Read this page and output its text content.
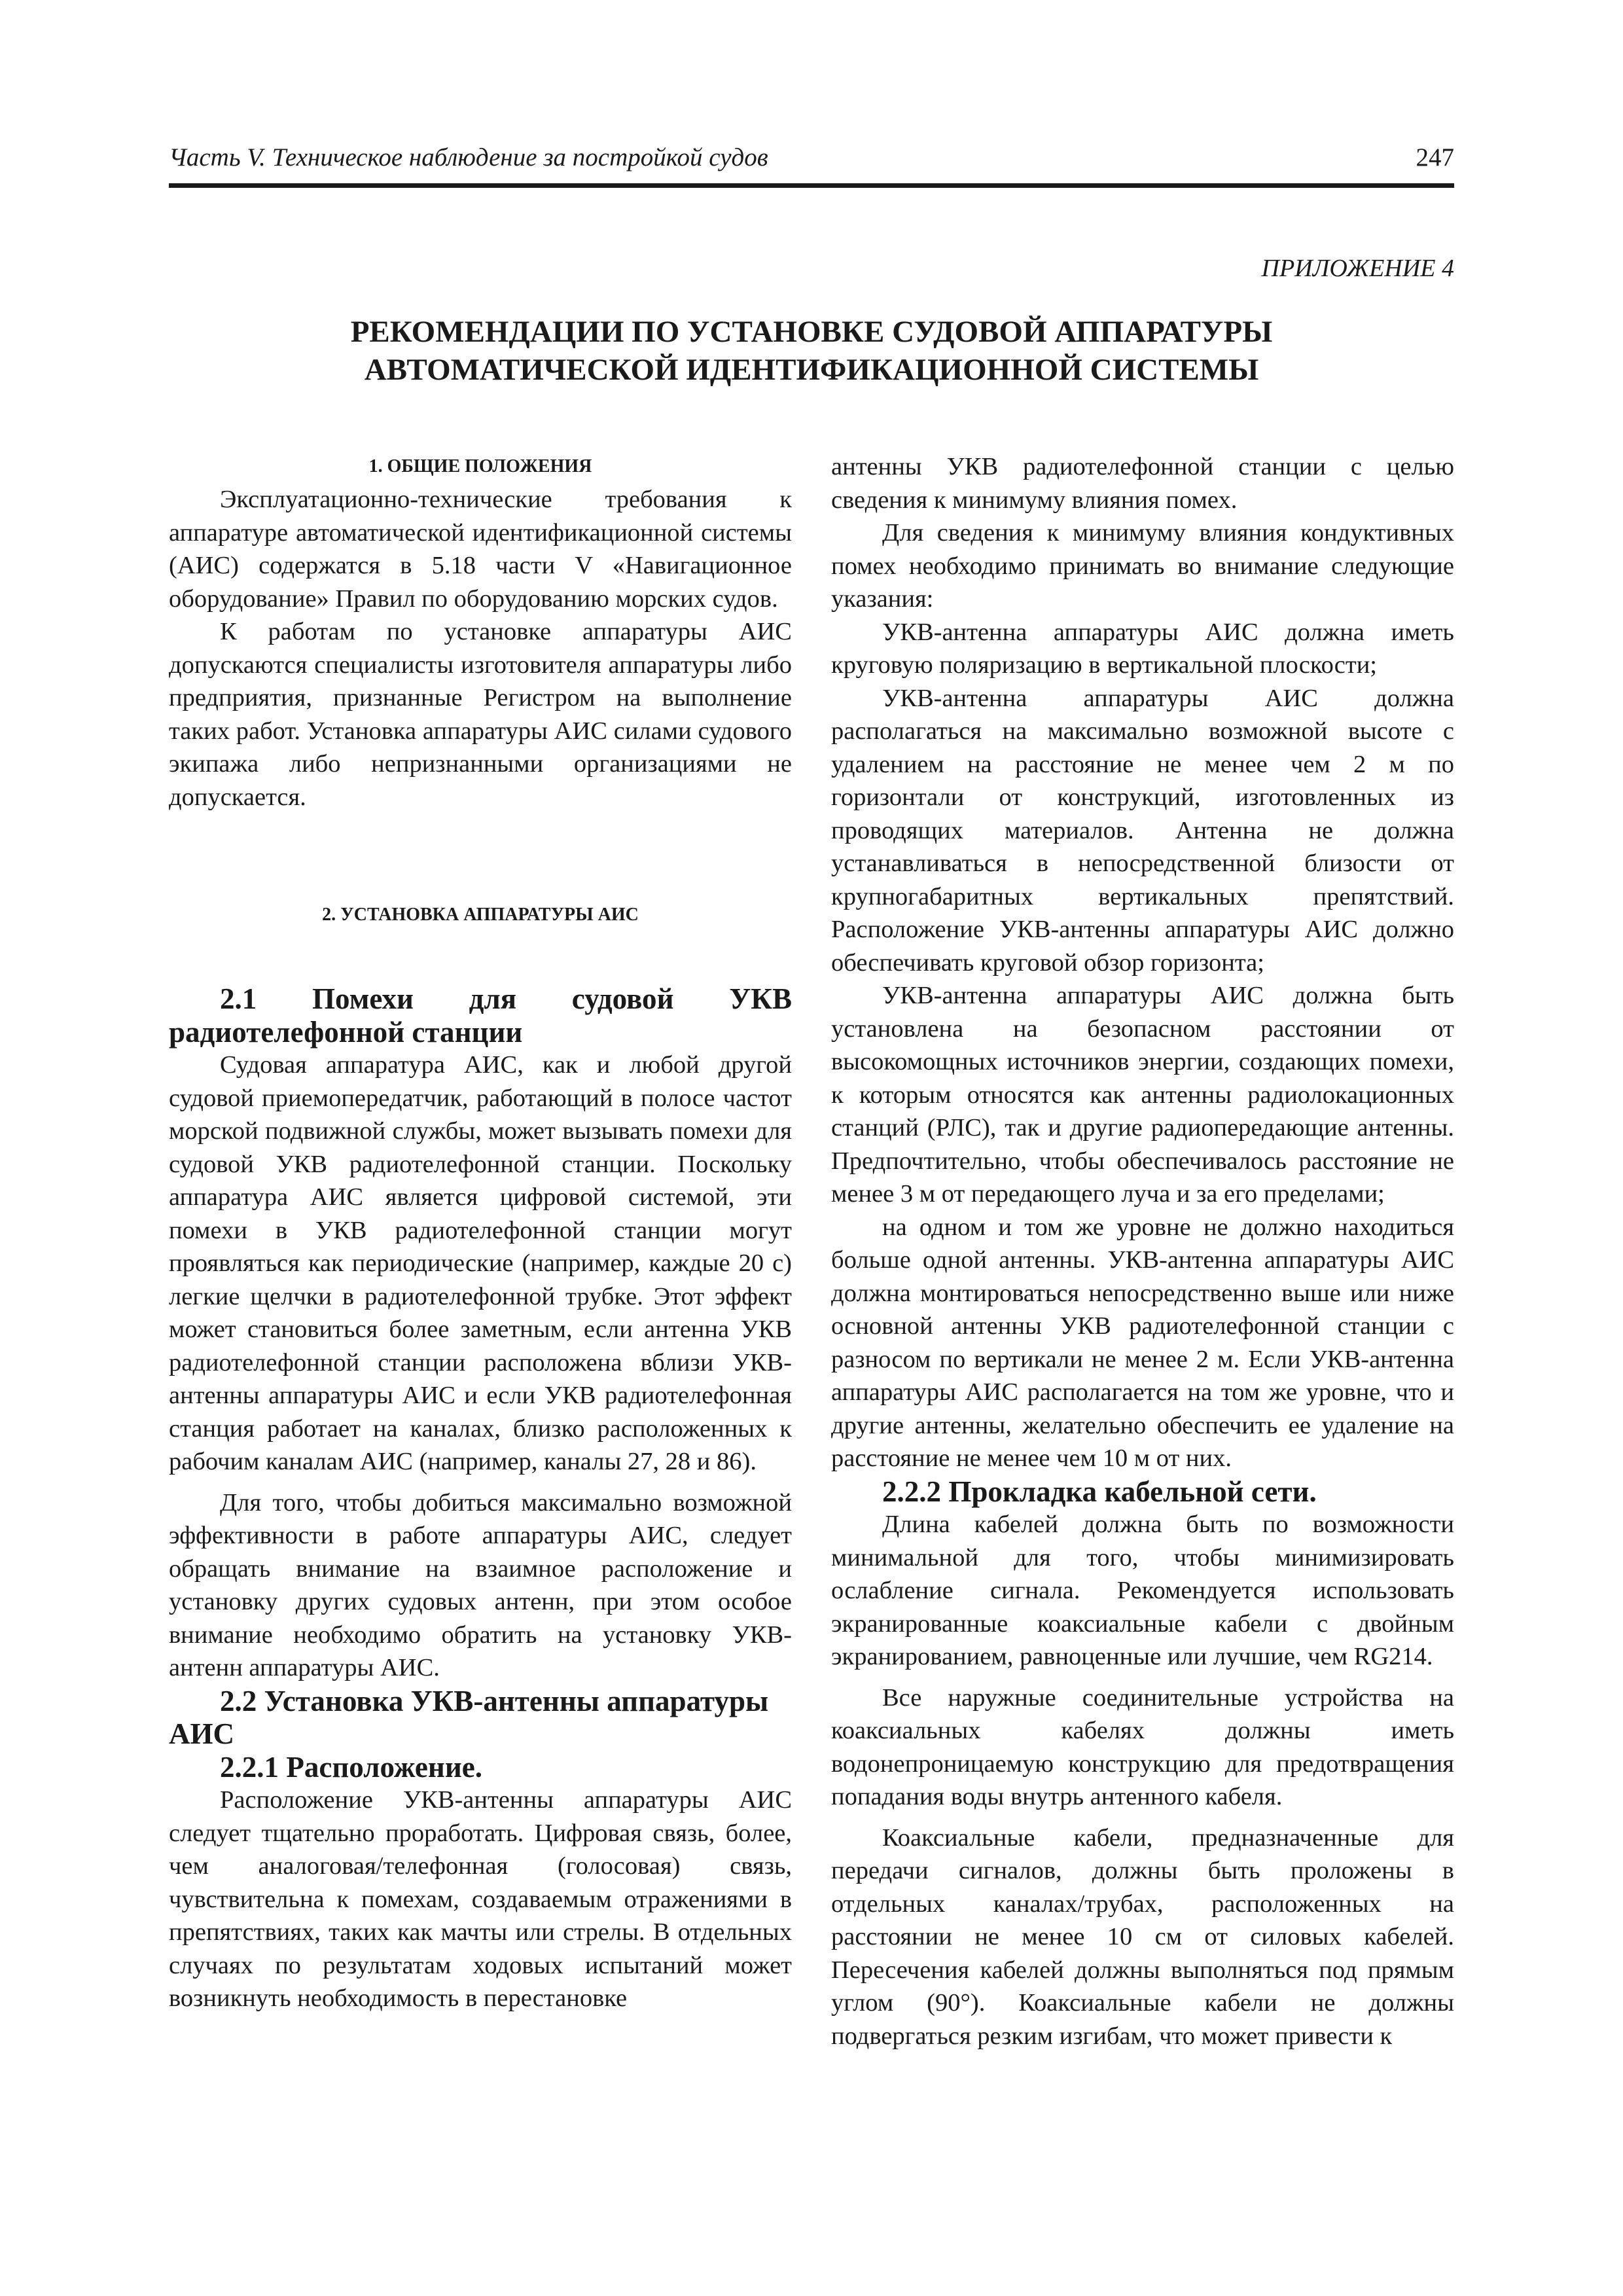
Часть V. Техническое наблюдение за постройкой судов	247
ПРИЛОЖЕНИЕ 4
РЕКОМЕНДАЦИИ ПО УСТАНОВКЕ СУДОВОЙ АППАРАТУРЫ
АВТОМАТИЧЕСКОЙ ИДЕНТИФИКАЦИОННОЙ СИСТЕМЫ
1. ОБЩИЕ ПОЛОЖЕНИЯ

Эксплуатационно-технические требования к аппаратуре автоматической идентификационной системы (АИС) содержатся в 5.18 части V «Навигационное оборудование» Правил по оборудованию морских судов.

К работам по установке аппаратуры АИС допускаются специалисты изготовителя аппаратуры либо предприятия, признанные Регистром на выполнение таких работ. Установка аппаратуры АИС силами судового экипажа либо непризнанными организациями не допускается.

2. УСТАНОВКА АППАРАТУРЫ АИС
2.1 Помехи для судовой УКВ радиотелефонной станции

Судовая аппаратура АИС, как и любой другой судовой приемопередатчик, работающий в полосе частот морской подвижной службы, может вызывать помехи для судовой УКВ радиотелефонной станции. Поскольку аппаратура АИС является цифровой системой, эти помехи в УКВ радиотелефонной станции могут проявляться как периодические (например, каждые 20 с) легкие щелчки в радиотелефонной трубке. Этот эффект может становиться более заметным, если антенна УКВ радиотелефонной станции расположена вблизи УКВ-антенны аппаратуры АИС и если УКВ радиотелефонная станция работает на каналах, близко расположенных к рабочим каналам АИС (например, каналы 27, 28 и 86).

Для того, чтобы добиться максимально возможной эффективности в работе аппаратуры АИС, следует обращать внимание на взаимное расположение и установку других судовых антенн, при этом особое внимание необходимо обратить на установку УКВ-антенн аппаратуры АИС.

2.2 Установка УКВ-антенны аппаратуры АИС
2.2.1 Расположение.

Расположение УКВ-антенны аппаратуры АИС следует тщательно проработать. Цифровая связь, более, чем аналоговая/телефонная (голосовая) связь, чувствительна к помехам, создаваемым отражениями в препятствиях, таких как мачты или стрелы. В отдельных случаях по результатам ходовых испытаний может возникнуть необходимость в перестановке

антенны УКВ радиотелефонной станции с целью сведения к минимуму влияния помех.

Для сведения к минимуму влияния кондуктивных помех необходимо принимать во внимание следующие указания:

УКВ-антенна аппаратуры АИС должна иметь круговую поляризацию в вертикальной плоскости;

УКВ-антенна аппаратуры АИС должна располагаться на максимально возможной высоте с удалением на расстояние не менее чем 2 м по горизонтали от конструкций, изготовленных из проводящих материалов. Антенна не должна устанавливаться в непосредственной близости от крупногабаритных вертикальных препятствий. Расположение УКВ-антенны аппаратуры АИС должно обеспечивать круговой обзор горизонта;

УКВ-антенна аппаратуры АИС должна быть установлена на безопасном расстоянии от высокомощных источников энергии, создающих помехи, к которым относятся как антенны радиолокационных станций (РЛС), так и другие радиопередающие антенны. Предпочтительно, чтобы обеспечивалось расстояние не менее 3 м от передающего луча и за его пределами;

на одном и том же уровне не должно находиться больше одной антенны. УКВ-антенна аппаратуры АИС должна монтироваться непосредственно выше или ниже основной антенны УКВ радиотелефонной станции с разносом по вертикали не менее 2 м. Если УКВ-антенна аппаратуры АИС располагается на том же уровне, что и другие антенны, желательно обеспечить ее удаление на расстояние не менее чем 10 м от них.

2.2.2 Прокладка кабельной сети.

Длина кабелей должна быть по возможности минимальной для того, чтобы минимизировать ослабление сигнала. Рекомендуется использовать экранированные коаксиальные кабели с двойным экранированием, равноценные или лучшие, чем RG214.

Все наружные соединительные устройства на коаксиальных кабелях должны иметь водонепроницаемую конструкцию для предотвращения попадания воды внутрь антенного кабеля.

Коаксиальные кабели, предназначенные для передачи сигналов, должны быть проложены в отдельных каналах/трубах, расположенных на расстоянии не менее 10 см от силовых кабелей. Пересечения кабелей должны выполняться под прямым углом (90°). Коаксиальные кабели не должны подвергаться резким изгибам, что может привести к
